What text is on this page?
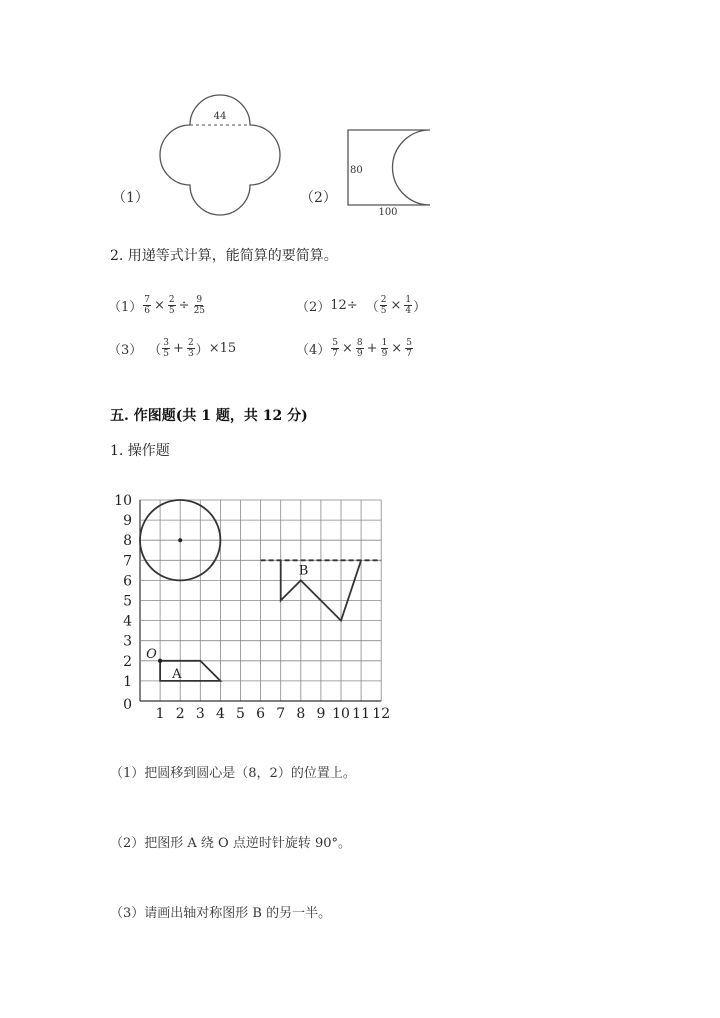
（1）
44
（2）
80
100
2. 用递等式计算，能简算的要简算。
$(1) \frac{7}{6} \times \frac{2}{5} \div \frac{9}{25}$	（2） 12÷ （ $\frac{2}{5} \times \frac{1}{4}$ ）
（3） （ $\frac{3}{5} + \frac{2}{3}$ ） ×15	$(4) \frac{5}{7} \times \frac{8}{9} + \frac{1}{9} \times \frac{5}{7}$
五. 作图题(共 1 题，共 12 分)
1. 操作题
1 2 3 4 5 6 7 8 9 10 11 12
0
1
2
3
4
5
6
7
8
9
10
O
A
B
（1）把圆移到圆心是（8，2）的位置上。
（2）把图形 A 绕 O 点逆时针旋转 90°。
（3）请画出轴对称图形 B 的另一半。
